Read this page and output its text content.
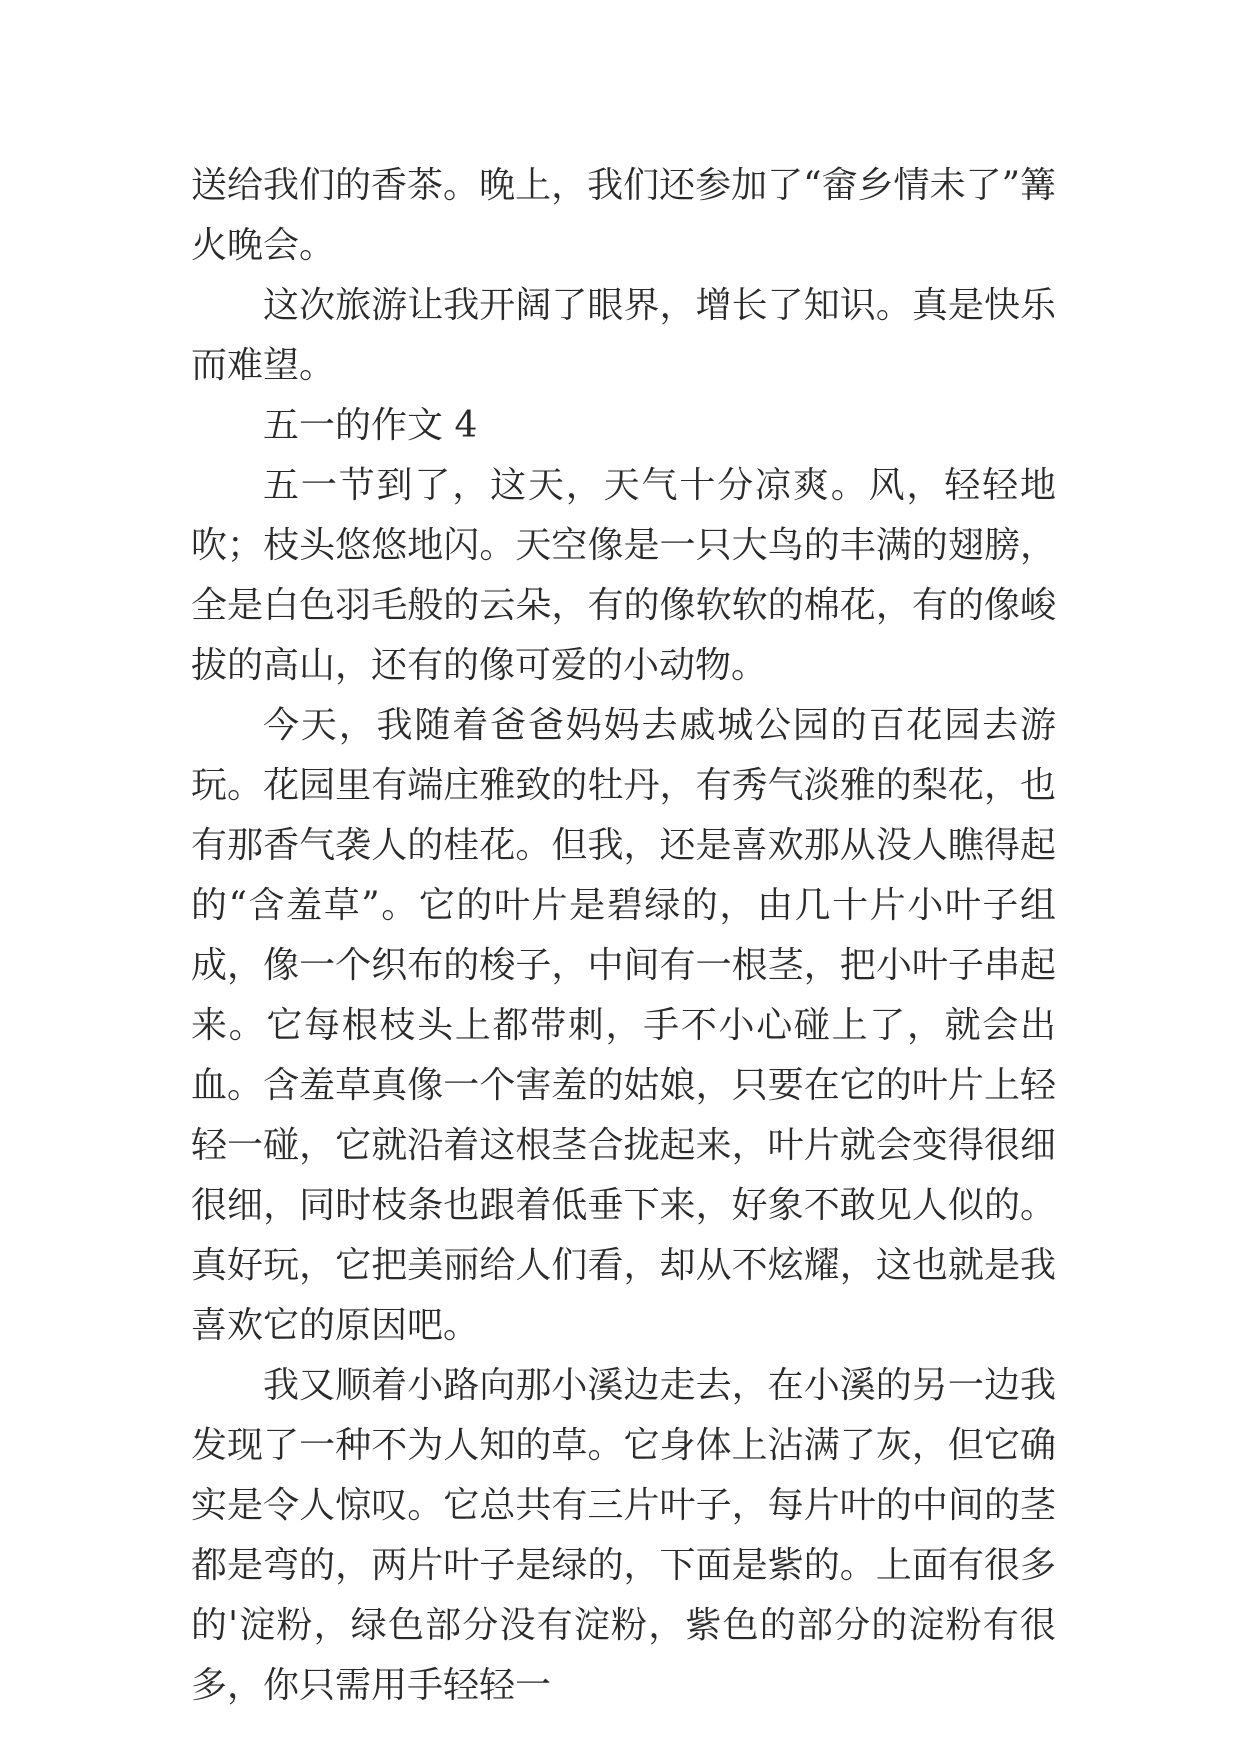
送给我们的香茶。晚上，我们还参加了“畲乡情未了”篝火晚会。

这次旅游让我开阔了眼界，增长了知识。真是快乐而难望。

五一的作文 4

五一节到了，这天，天气十分凉爽。风，轻轻地吹；枝头悠悠地闪。天空像是一只大鸟的丰满的翅膀，全是白色羽毛般的云朵，有的像软软的棉花，有的像峻拔的高山，还有的像可爱的小动物。

今天，我随着爸爸妈妈去戚城公园的百花园去游玩。花园里有端庄雅致的牡丹，有秀气淡雅的梨花，也有那香气袭人的桂花。但我，还是喜欢那从没人瞧得起的“含羞草”。它的叶片是碧绿的，由几十片小叶子组成，像一个织布的梭子，中间有一根茎，把小叶子串起来。它每根枝头上都带刺，手不小心碰上了，就会出血。含羞草真像一个害羞的姑娘，只要在它的叶片上轻轻一碰，它就沿着这根茎合拢起来，叶片就会变得很细很细，同时枝条也跟着低垂下来，好象不敢见人似的。真好玩，它把美丽给人们看，却从不炫耀，这也就是我喜欢它的原因吧。

我又顺着小路向那小溪边走去，在小溪的另一边我发现了一种不为人知的草。它身体上沾满了灰，但它确实是令人惊叹。它总共有三片叶子，每片叶的中间的茎都是弯的，两片叶子是绿的，下面是紫的。上面有很多的'淀粉，绿色部分没有淀粉，紫色的部分的淀粉有很多，你只需用手轻轻一
